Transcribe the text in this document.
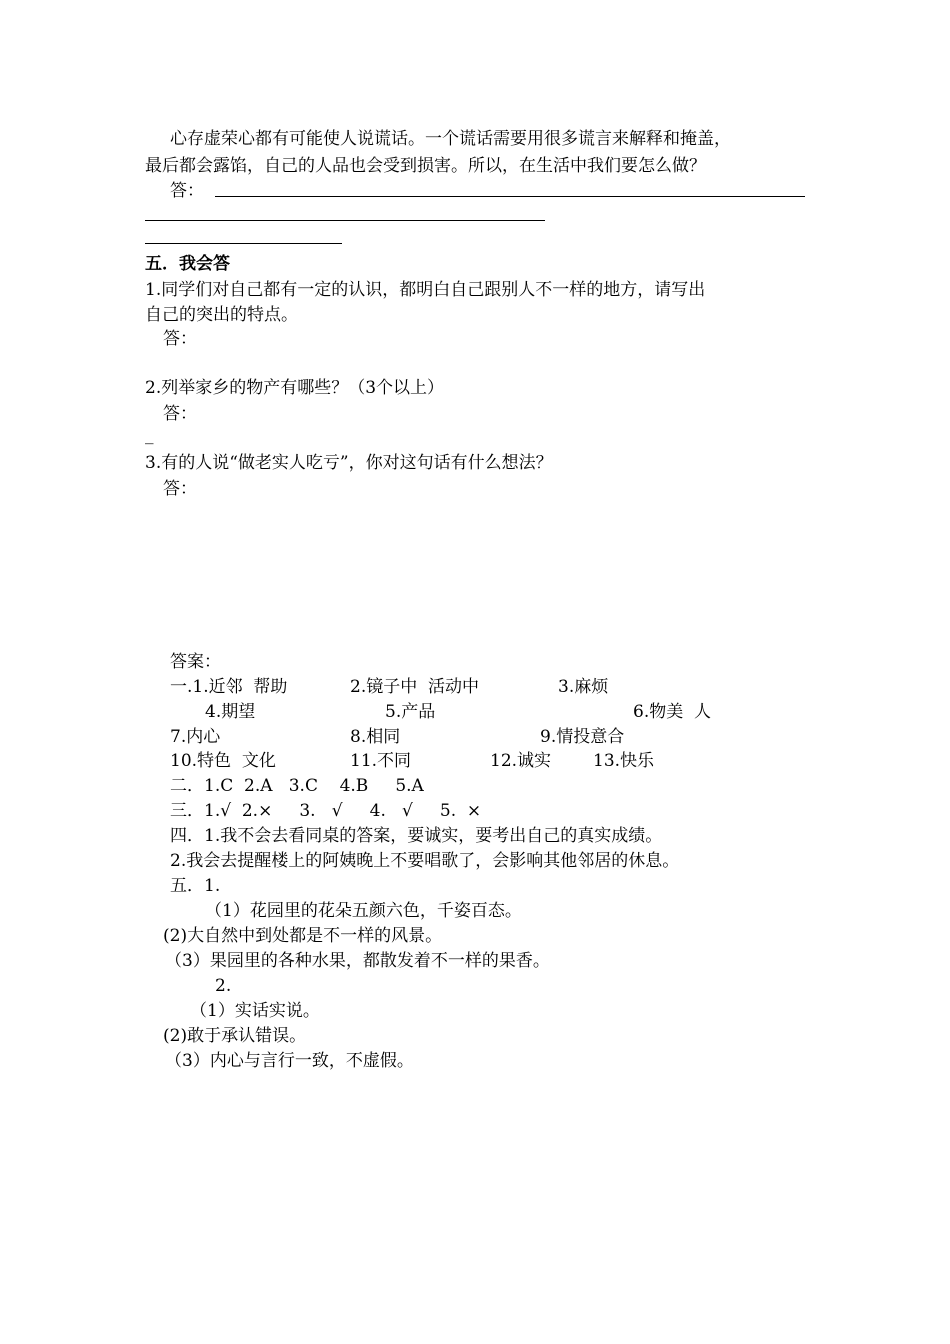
心存虚荣心都有可能使人说谎话。一个谎话需要用很多谎言来解释和掩盖，
最后都会露馅，自己的人品也会受到损害。所以，在生活中我们要怎么做？
答：
五．我会答
1.同学们对自己都有一定的认识，都明白自己跟别人不一样的地方，请写出
自己的突出的特点。
答：
2.列举家乡的物产有哪些？（3个以上）
答：
_
3.有的人说“做老实人吃亏”，你对这句话有什么想法？
答：
答案：
一.1.近邻  帮助	2.镜子中  活动中	3.麻烦
4.期望	5.产品	6.物美  人
7.内心	8.相同	9.情投意合
10.特色  文化	11.不同	12.诚实 13.快乐
二．1.C  2.A   3.C    4.B     5.A
三．1.√  2.×     3.   √     4.   √     5.  ×
四．1.我不会去看同桌的答案，要诚实，要考出自己的真实成绩。
2.我会去提醒楼上的阿姨晚上不要唱歌了，会影响其他邻居的休息。
五．1.
（1）花园里的花朵五颜六色，千姿百态。
(2)大自然中到处都是不一样的风景。
（3）果园里的各种水果，都散发着不一样的果香。
2.
（1）实话实说。
(2)敢于承认错误。
（3）内心与言行一致，不虚假。
